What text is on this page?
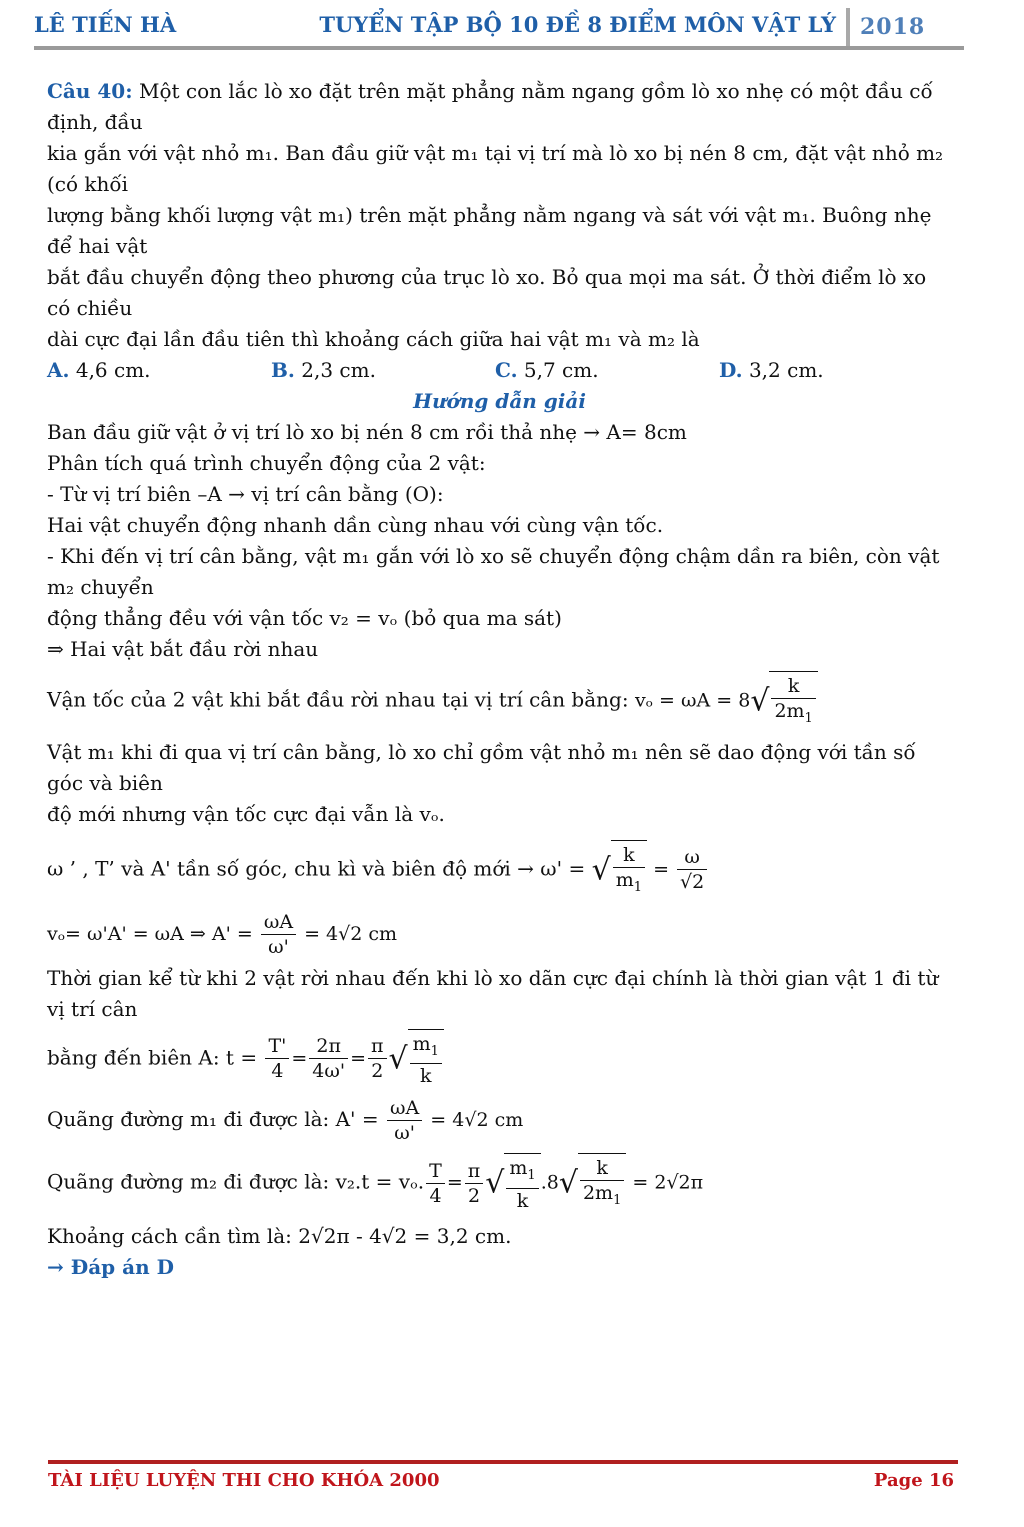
LÊ TIẾN HÀ	TUYỂN TẬP BỘ 10 ĐỀ 8 ĐIỂM MÔN VẬT LÝ 2018

Câu 40: Một con lắc lò xo đặt trên mặt phẳng nằm ngang gồm lò xo nhẹ có một đầu cố định, đầu

kia gắn với vật nhỏ m₁. Ban đầu giữ vật m₁ tại vị trí mà lò xo bị nén 8 cm, đặt vật nhỏ m₂ (có khối

lượng bằng khối lượng vật m₁) trên mặt phẳng nằm ngang và sát với vật m₁. Buông nhẹ để hai vật

bắt đầu chuyển động theo phương của trục lò xo. Bỏ qua mọi ma sát. Ở thời điểm lò xo có chiều

dài cực đại lần đầu tiên thì khoảng cách giữa hai vật m₁ và m₂ là

A. 4,6 cm.	B. 2,3 cm.	C. 5,7 cm.	D. 3,2 cm.

Hướng dẫn giải

Ban đầu giữ vật ở vị trí lò xo bị nén 8 cm rồi thả nhẹ → A= 8cm

Phân tích quá trình chuyển động của 2 vật:

- Từ vị trí biên –A → vị trí cân bằng (O):

Hai vật chuyển động nhanh dần cùng nhau với cùng vận tốc.

- Khi đến vị trí cân bằng, vật m₁ gắn với lò xo sẽ chuyển động chậm dần ra biên, còn vật m₂ chuyển

động thẳng đều với vận tốc v₂ = vₒ (bỏ qua ma sát)

⇒ Hai vật bắt đầu rời nhau

Vận tốc của 2 vật khi bắt đầu rời nhau tại vị trí cân bằng: $v_o = \omega A = 8√ \frac{k}{2m_1}$

Vật m₁ khi đi qua vị trí cân bằng, lò xo chỉ gồm vật nhỏ m₁ nên sẽ dao động với tần số góc và biên

độ mới nhưng vận tốc cực đại vẫn là vₒ.

ω ’ , T’ và A' tần số góc, chu kì và biên độ mới → ω' = √ $\frac{k}{m_1} = \frac{\omega}{√2}$

vₒ= ω'A' = ωA ⇒ $A' = \frac{\omega A}{\omega'} = 4√2$ cm

Thời gian kể từ khi 2 vật rời nhau đến khi lò xo dãn cực đại chính là thời gian vật 1 đi từ vị trí cân

bằng đến biên A: $t = \frac{T'}{4} = \frac{2\pi}{4\omega'} = \frac{\pi}{2}$ √ $\frac{m_1}{k}$

Quãng đường m₁ đi được là: $A' = \frac{\omega A}{\omega'} = 4√2$ cm

Quãng đường m₂ đi được là: v₂.t = vₒ. $\frac{T}{4} = \frac{\pi}{2}$ √ $\frac{m_1}{k} .8√ \frac{k}{2m_1} = 2√2\pi$

Khoảng cách cần tìm là: 2√2π - 4√2 = 3,2 cm.

→ Đáp án D

TÀI LIỆU LUYỆN THI CHO KHÓA 2000	Page 16
